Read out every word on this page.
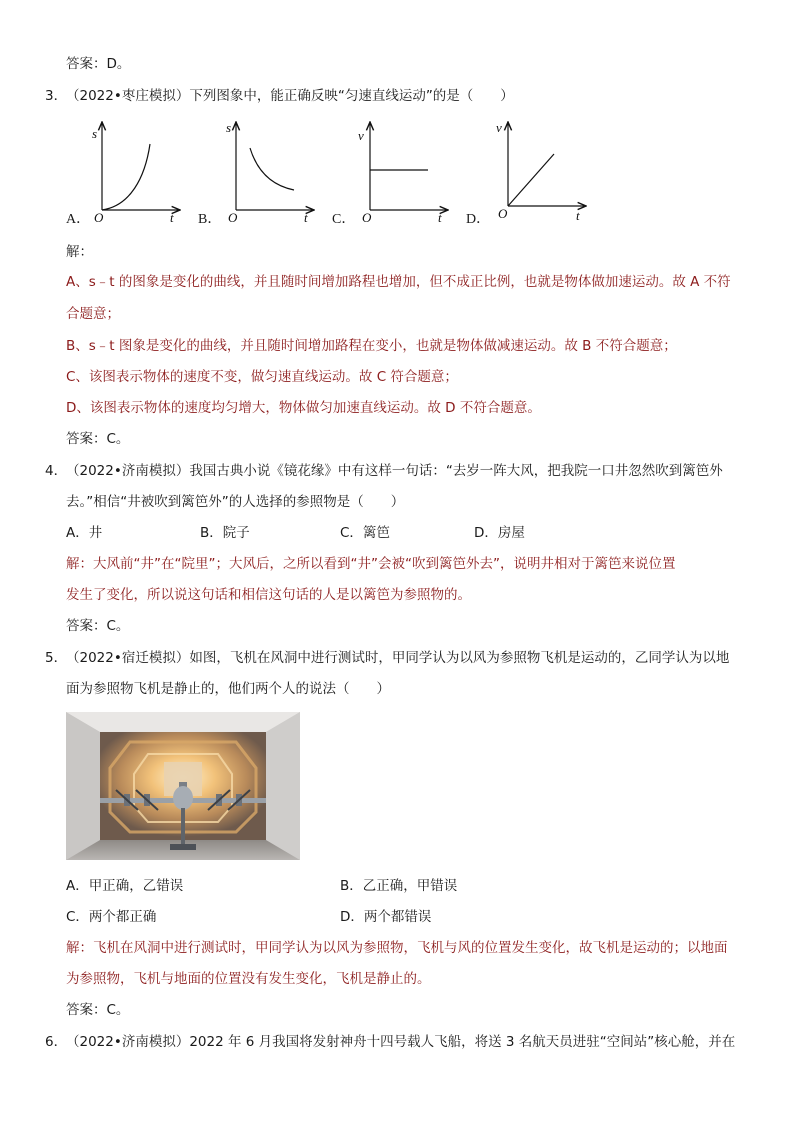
答案：D。
3．
（2022•枣庄模拟）下列图象中，能正确反映“匀速直线运动”的是（　　）
A．
s
t
O	B．
s
t
O	C．
v
t
O	D．
v
t
O
解：
A、s﹣t 的图象是变化的曲线，并且随时间增加路程也增加，但不成正比例，也就是物体做加速运动。故 A 不符
合题意；
B、s﹣t 图象是变化的曲线，并且随时间增加路程在变小，也就是物体做减速运动。故 B 不符合题意；
C、该图表示物体的速度不变，做匀速直线运动。故 C 符合题意；
D、该图表示物体的速度均匀增大，物体做匀加速直线运动。故 D 不符合题意。
答案：C。
4．
（2022•济南模拟）我国古典小说《镜花缘》中有这样一句话：“去岁一阵大风，把我院一口井忽然吹到篱笆外
去。”相信“井被吹到篱笆外”的人选择的参照物是（　　）
A．井	B．院子	C．篱笆	D．房屋
解：大风前“井”在“院里”；大风后，之所以看到“井”会被“吹到篱笆外去”，说明井相对于篱笆来说位置
发生了变化，所以说这句话和相信这句话的人是以篱笆为参照物的。
答案：C。
5．
（2022•宿迁模拟）如图，飞机在风洞中进行测试时，甲同学认为以风为参照物飞机是运动的，乙同学认为以地
面为参照物飞机是静止的，他们两个人的说法（　　）
A．甲正确，乙错误	B．乙正确，甲错误
C．两个都正确	D．两个都错误
解：飞机在风洞中进行测试时，甲同学认为以风为参照物，飞机与风的位置发生变化，故飞机是运动的；以地面
为参照物，飞机与地面的位置没有发生变化，飞机是静止的。
答案：C。
6．
（2022•济南模拟）2022 年 6 月我国将发射神舟十四号载人飞船，将送 3 名航天员进驻“空间站”核心舱，并在
